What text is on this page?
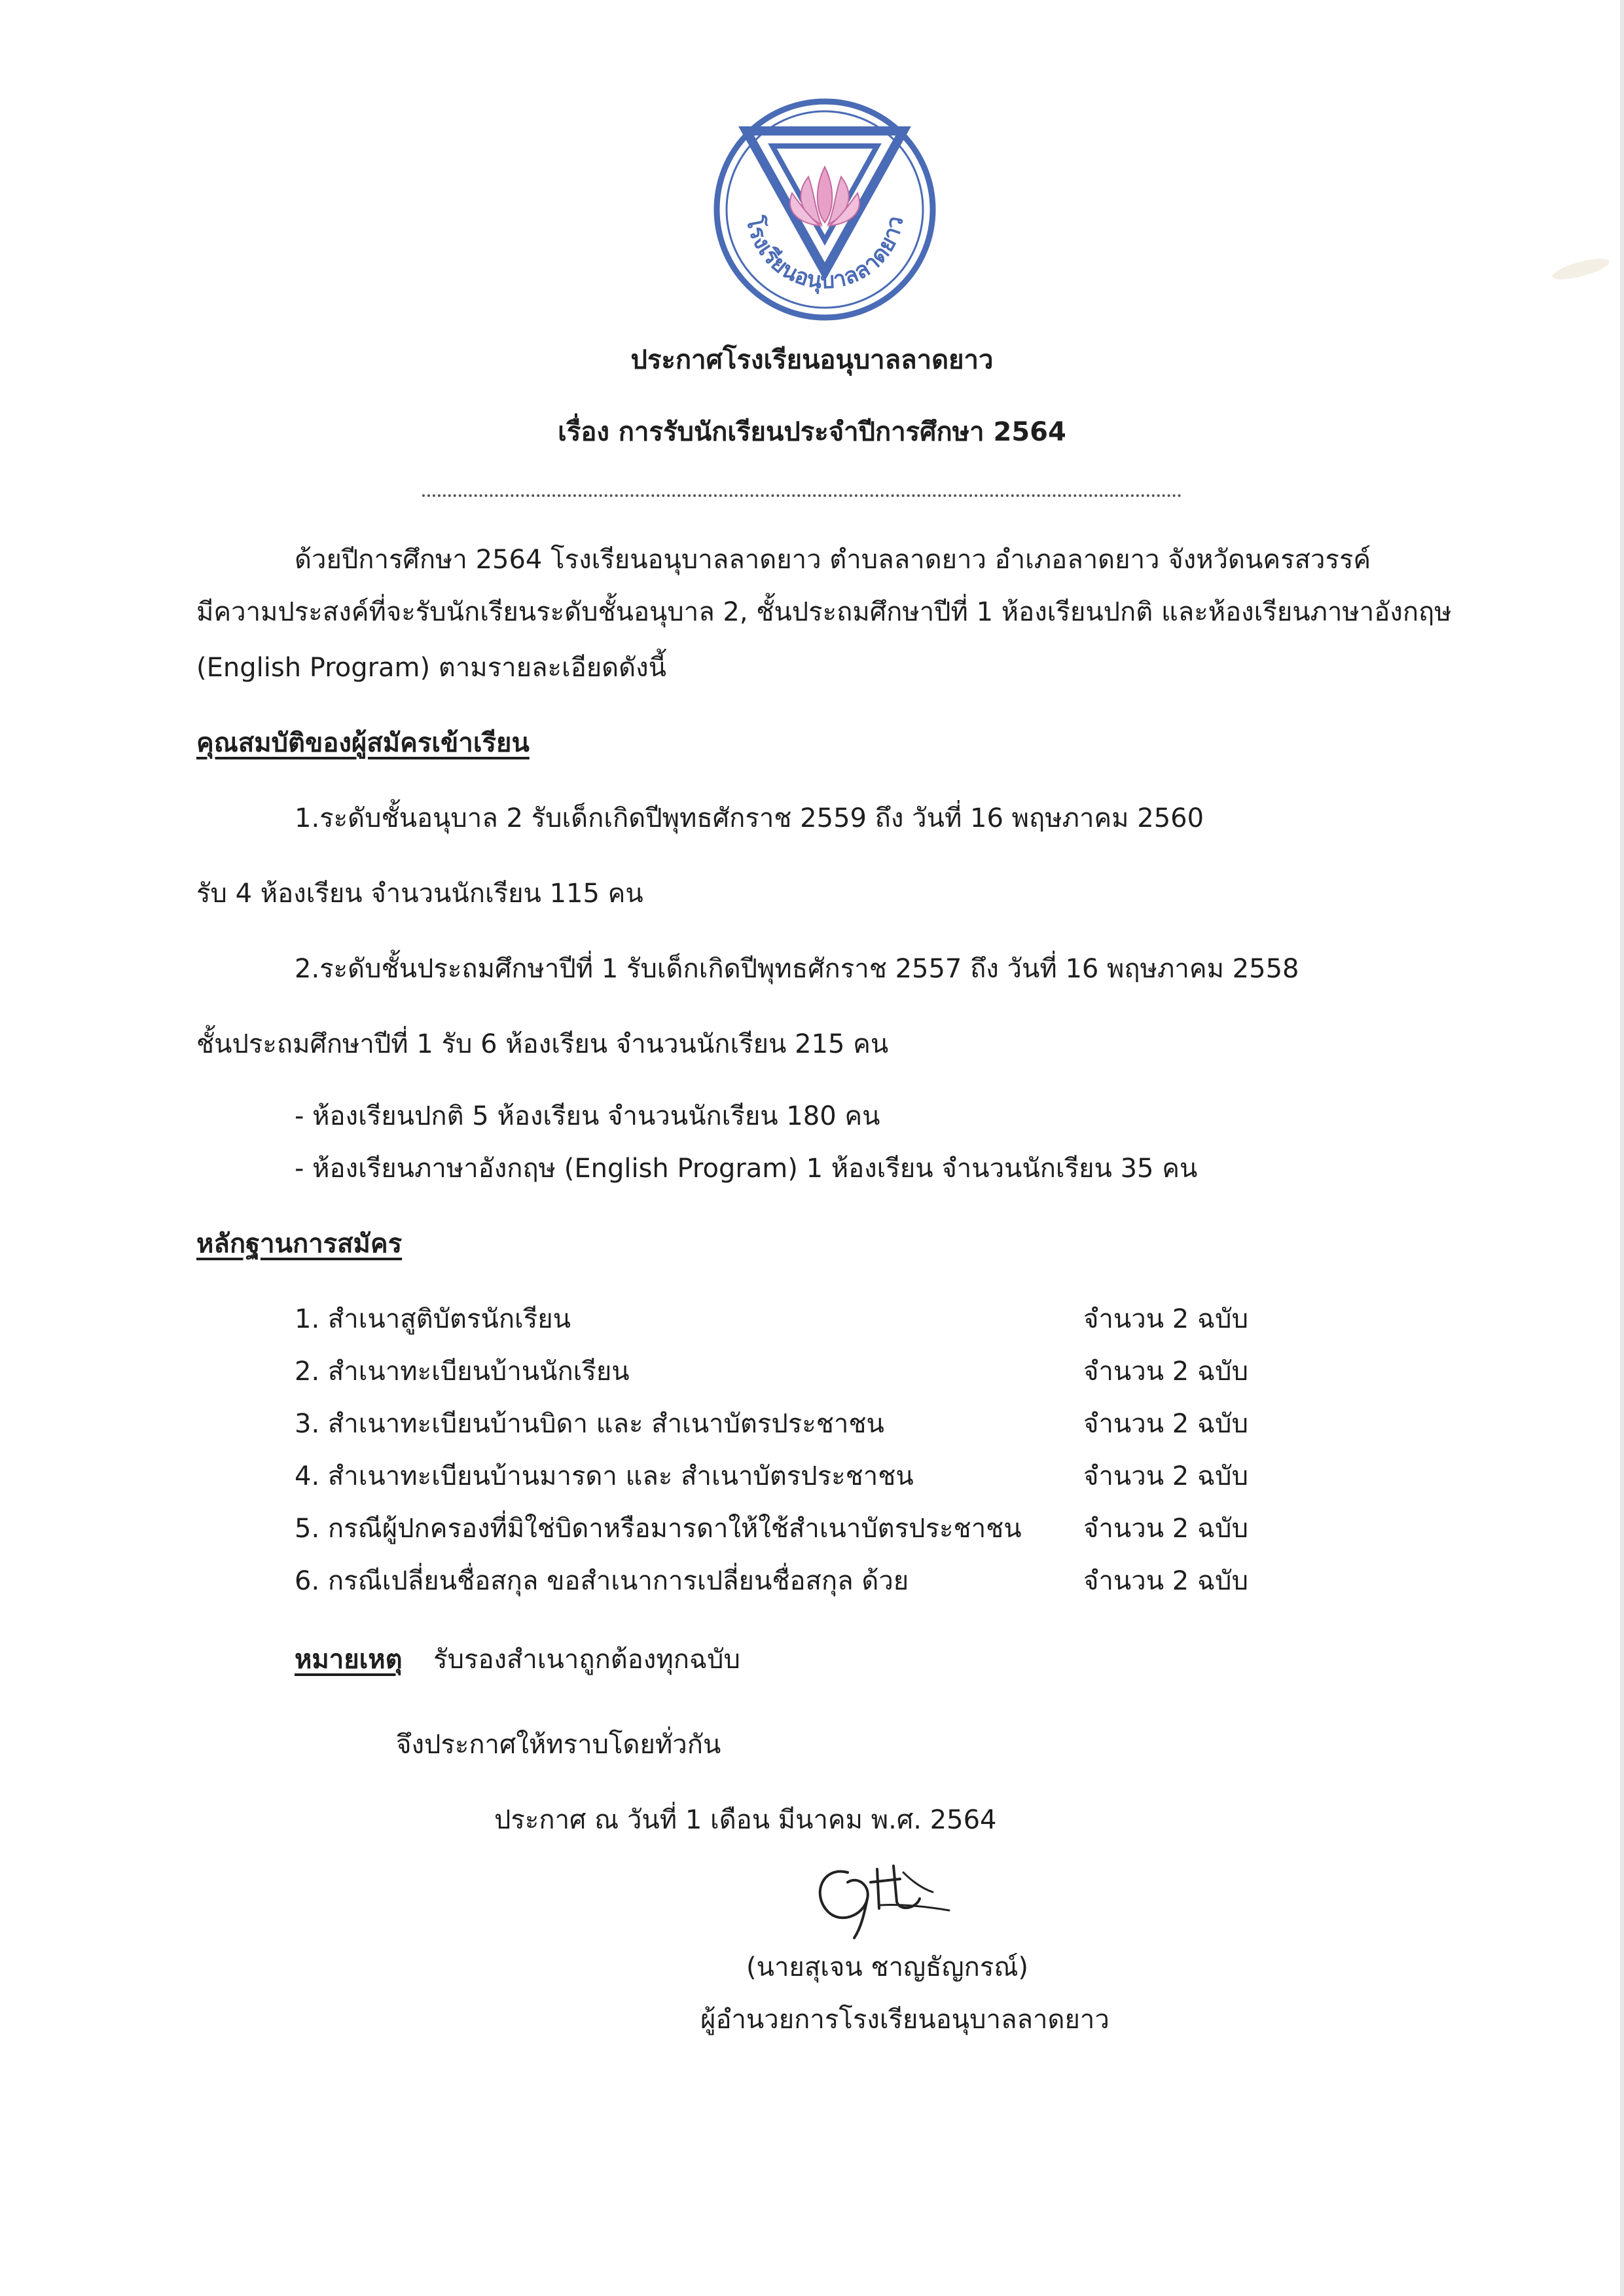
โรงเรียนอนุบาลลาดยาว
ประกาศโรงเรียนอนุบาลลาดยาว
เรื่อง การรับนักเรียนประจำปีการศึกษา 2564
ด้วยปีการศึกษา 2564 โรงเรียนอนุบาลลาดยาว ตำบลลาดยาว อำเภอลาดยาว จังหวัดนครสวรรค์
มีความประสงค์ที่จะรับนักเรียนระดับชั้นอนุบาล 2, ชั้นประถมศึกษาปีที่ 1 ห้องเรียนปกติ และห้องเรียนภาษาอังกฤษ
(English Program) ตามรายละเอียดดังนี้
คุณสมบัติของผู้สมัครเข้าเรียน
1.ระดับชั้นอนุบาล 2 รับเด็กเกิดปีพุทธศักราช 2559 ถึง วันที่ 16 พฤษภาคม 2560
รับ 4 ห้องเรียน จำนวนนักเรียน 115 คน
2.ระดับชั้นประถมศึกษาปีที่ 1 รับเด็กเกิดปีพุทธศักราช 2557 ถึง วันที่ 16 พฤษภาคม 2558
ชั้นประถมศึกษาปีที่ 1 รับ 6 ห้องเรียน จำนวนนักเรียน 215 คน
- ห้องเรียนปกติ 5 ห้องเรียน จำนวนนักเรียน 180 คน
- ห้องเรียนภาษาอังกฤษ (English Program) 1 ห้องเรียน จำนวนนักเรียน 35 คน
หลักฐานการสมัคร
1. สำเนาสูติบัตรนักเรียน	จำนวน 2 ฉบับ
2. สำเนาทะเบียนบ้านนักเรียน	จำนวน 2 ฉบับ
3. สำเนาทะเบียนบ้านบิดา และ สำเนาบัตรประชาชน	จำนวน 2 ฉบับ
4. สำเนาทะเบียนบ้านมารดา และ สำเนาบัตรประชาชน	จำนวน 2 ฉบับ
5. กรณีผู้ปกครองที่มิใช่บิดาหรือมารดาให้ใช้สำเนาบัตรประชาชน จำนวน 2 ฉบับ
6. กรณีเปลี่ยนชื่อสกุล ขอสำเนาการเปลี่ยนชื่อสกุล ด้วย	จำนวน 2 ฉบับ
หมายเหตุ รับรองสำเนาถูกต้องทุกฉบับ
จึงประกาศให้ทราบโดยทั่วกัน
ประกาศ ณ วันที่ 1 เดือน มีนาคม พ.ศ. 2564
(นายสุเจน ชาญธัญกรณ์)
ผู้อำนวยการโรงเรียนอนุบาลลาดยาว
